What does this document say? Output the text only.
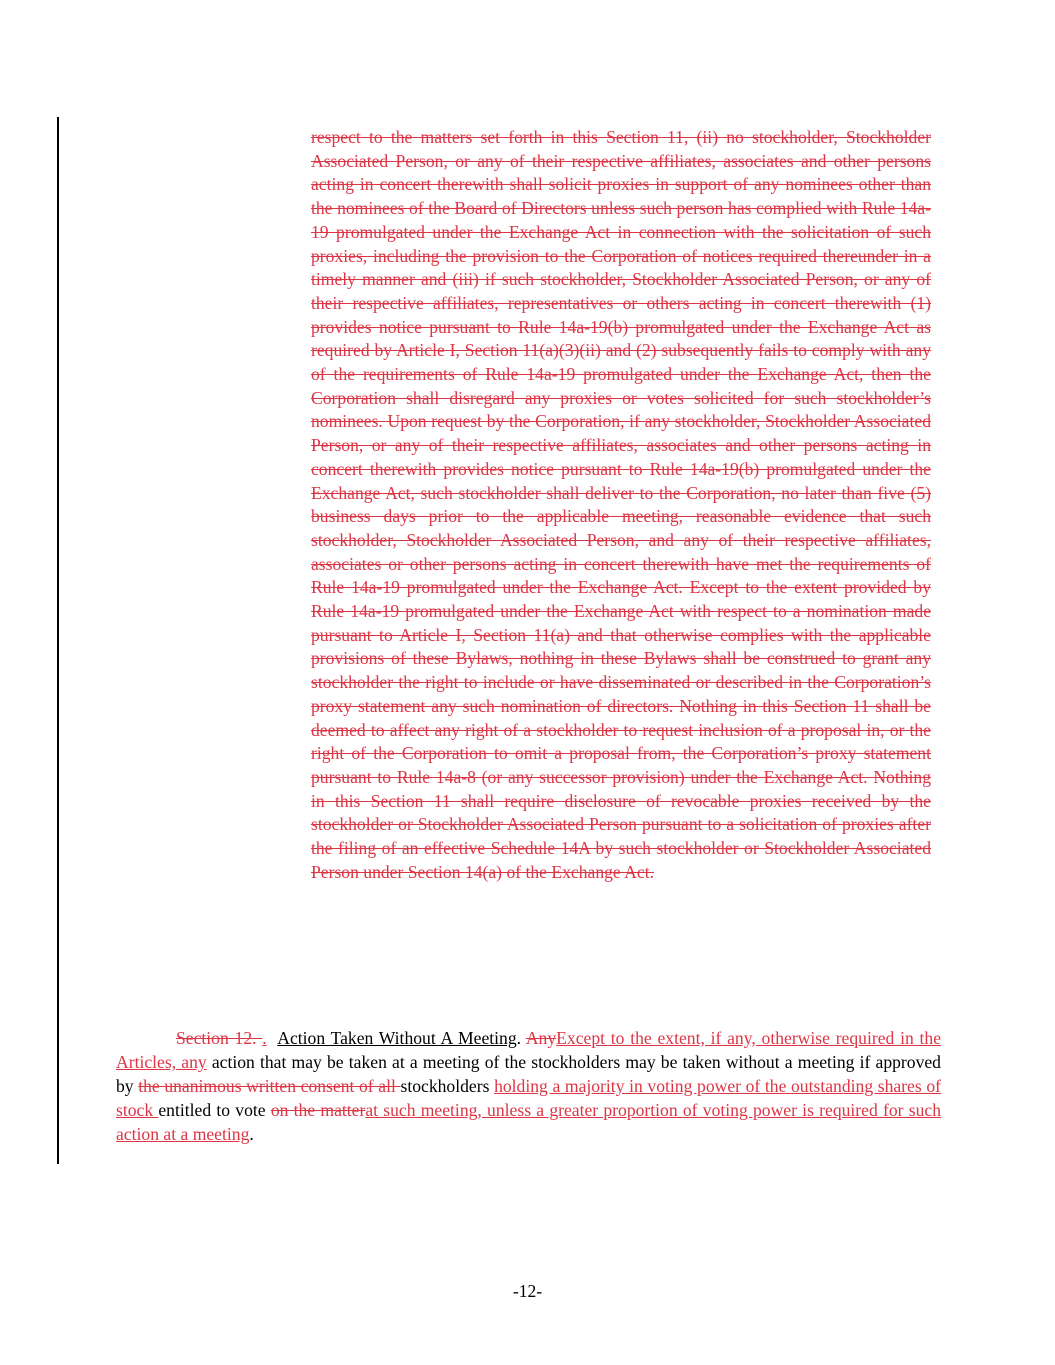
respect to the matters set forth in this Section 11, (ii) no stockholder, Stockholder Associated Person, or any of their respective affiliates, associates and other persons acting in concert therewith shall solicit proxies in support of any nominees other than the nominees of the Board of Directors unless such person has complied with Rule 14a-19 promulgated under the Exchange Act in connection with the solicitation of such proxies, including the provision to the Corporation of notices required thereunder in a timely manner and (iii) if such stockholder, Stockholder Associated Person, or any of their respective affiliates, representatives or others acting in concert therewith (1) provides notice pursuant to Rule 14a-19(b) promulgated under the Exchange Act as required by Article I, Section 11(a)(3)(ii) and (2) subsequently fails to comply with any of the requirements of Rule 14a-19 promulgated under the Exchange Act, then the Corporation shall disregard any proxies or votes solicited for such stockholder’s nominees. Upon request by the Corporation, if any stockholder, Stockholder Associated Person, or any of their respective affiliates, associates and other persons acting in concert therewith provides notice pursuant to Rule 14a-19(b) promulgated under the Exchange Act, such stockholder shall deliver to the Corporation, no later than five (5) business days prior to the applicable meeting, reasonable evidence that such stockholder, Stockholder Associated Person, and any of their respective affiliates, associates or other persons acting in concert therewith have met the requirements of Rule 14a-19 promulgated under the Exchange Act. Except to the extent provided by Rule 14a-19 promulgated under the Exchange Act with respect to a nomination made pursuant to Article I, Section 11(a) and that otherwise complies with the applicable provisions of these Bylaws, nothing in these Bylaws shall be construed to grant any stockholder the right to include or have disseminated or described in the Corporation’s proxy statement any such nomination of directors. Nothing in this Section 11 shall be deemed to affect any right of a stockholder to request inclusion of a proposal in, or the right of the Corporation to omit a proposal from, the Corporation’s proxy statement pursuant to Rule 14a-8 (or any successor provision) under the Exchange Act. Nothing in this Section 11 shall require disclosure of revocable proxies received by the stockholder or Stockholder Associated Person pursuant to a solicitation of proxies after the filing of an effective Schedule 14A by such stockholder or Stockholder Associated Person under Section 14(a) of the Exchange Act.
Section 12. . Action Taken Without A Meeting. AnyExcept to the extent, if any, otherwise required in the Articles, any action that may be taken at a meeting of the stockholders may be taken without a meeting if approved by the unanimous written consent of all stockholders holding a majority in voting power of the outstanding shares of stock entitled to vote on the matterat such meeting, unless a greater proportion of voting power is required for such action at a meeting.
-12-
